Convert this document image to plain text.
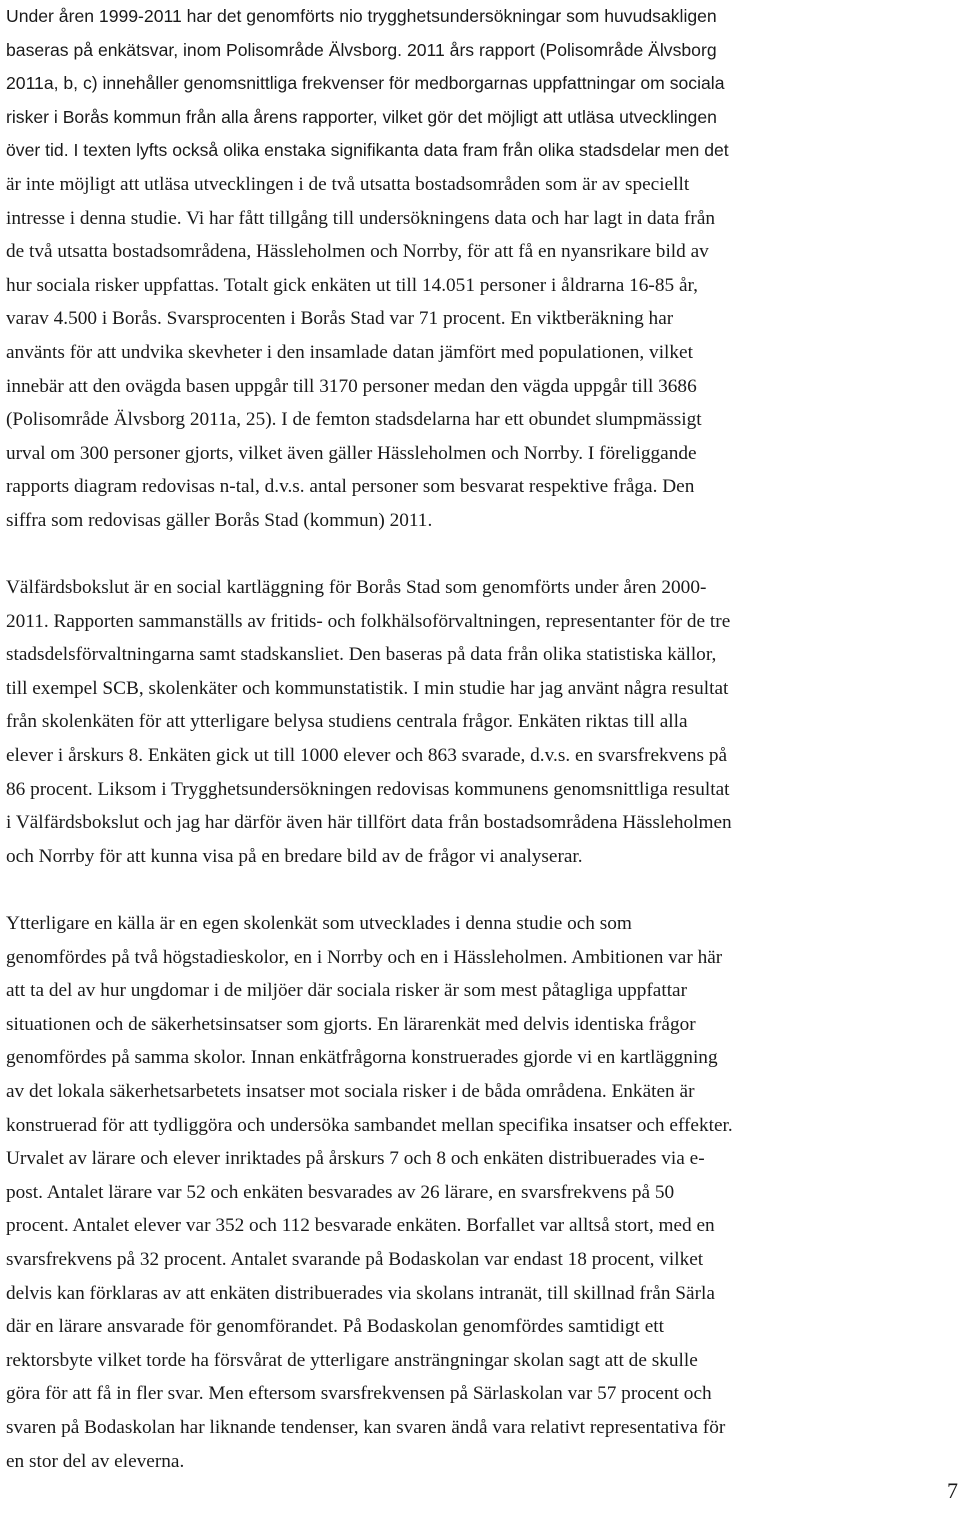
Under åren 1999-2011 har det genomförts nio trygghetsundersökningar som huvudsakligen
baseras på enkätsvar, inom Polisområde Älvsborg. 2011 års rapport (Polisområde Älvsborg
2011a, b, c) innehåller genomsnittliga frekvenser för medborgarnas uppfattningar om sociala
risker i Borås kommun från alla årens rapporter, vilket gör det möjligt att utläsa utvecklingen
över tid. I texten lyfts också olika enstaka signifikanta data fram från olika stadsdelar men det
är inte möjligt att utläsa utvecklingen i de två utsatta bostadsområden som är av speciellt
intresse i denna studie. Vi har fått tillgång till undersökningens data och har lagt in data från
de två utsatta bostadsområdena, Hässleholmen och Norrby, för att få en nyansrikare bild av
hur sociala risker uppfattas. Totalt gick enkäten ut till 14.051 personer i åldrarna 16-85 år,
varav 4.500 i Borås. Svarsprocenten i Borås Stad var 71 procent. En viktberäkning har
använts för att undvika skevheter i den insamlade datan jämfört med populationen, vilket
innebär att den ovägda basen uppgår till 3170 personer medan den vägda uppgår till 3686
(Polisområde Älvsborg 2011a, 25). I de femton stadsdelarna har ett obundet slumpmässigt
urval om 300 personer gjorts, vilket även gäller Hässleholmen och Norrby. I föreliggande
rapports diagram redovisas n-tal, d.v.s. antal personer som besvarat respektive fråga. Den
siffra som redovisas gäller Borås Stad (kommun) 2011.

Välfärdsbokslut är en social kartläggning för Borås Stad som genomförts under åren 2000-
2011. Rapporten sammanställs av fritids- och folkhälsoförvaltningen, representanter för de tre
stadsdelsförvaltningarna samt stadskansliet. Den baseras på data från olika statistiska källor,
till exempel SCB, skolenkäter och kommunstatistik. I min studie har jag använt några resultat
från skolenkäten för att ytterligare belysa studiens centrala frågor. Enkäten riktas till alla
elever i årskurs 8. Enkäten gick ut till 1000 elever och 863 svarade, d.v.s. en svarsfrekvens på
86 procent. Liksom i Trygghetsundersökningen redovisas kommunens genomsnittliga resultat
i Välfärdsbokslut och jag har därför även här tillfört data från bostadsområdena Hässleholmen
och Norrby för att kunna visa på en bredare bild av de frågor vi analyserar.

Ytterligare en källa är en egen skolenkät som utvecklades i denna studie och som
genomfördes på två högstadieskolor, en i Norrby och en i Hässleholmen. Ambitionen var här
att ta del av hur ungdomar i de miljöer där sociala risker är som mest påtagliga uppfattar
situationen och de säkerhetsinsatser som gjorts. En lärarenkät med delvis identiska frågor
genomfördes på samma skolor. Innan enkätfrågorna konstruerades gjorde vi en kartläggning
av det lokala säkerhetsarbetets insatser mot sociala risker i de båda områdena. Enkäten är
konstruerad för att tydliggöra och undersöka sambandet mellan specifika insatser och effekter.
Urvalet av lärare och elever inriktades på årskurs 7 och 8 och enkäten distribuerades via e-
post. Antalet lärare var 52 och enkäten besvarades av 26 lärare, en svarsfrekvens på 50
procent. Antalet elever var 352 och 112 besvarade enkäten. Borfallet var alltså stort, med en
svarsfrekvens på 32 procent. Antalet svarande på Bodaskolan var endast 18 procent, vilket
delvis kan förklaras av att enkäten distribuerades via skolans intranät, till skillnad från Särla
där en lärare ansvarade för genomförandet. På Bodaskolan genomfördes samtidigt ett
rektorsbyte vilket torde ha försvårat de ytterligare ansträngningar skolan sagt att de skulle
göra för att få in fler svar. Men eftersom svarsfrekvensen på Särlaskolan var 57 procent och
svaren på Bodaskolan har liknande tendenser, kan svaren ändå vara relativt representativa för
en stor del av eleverna.

7
